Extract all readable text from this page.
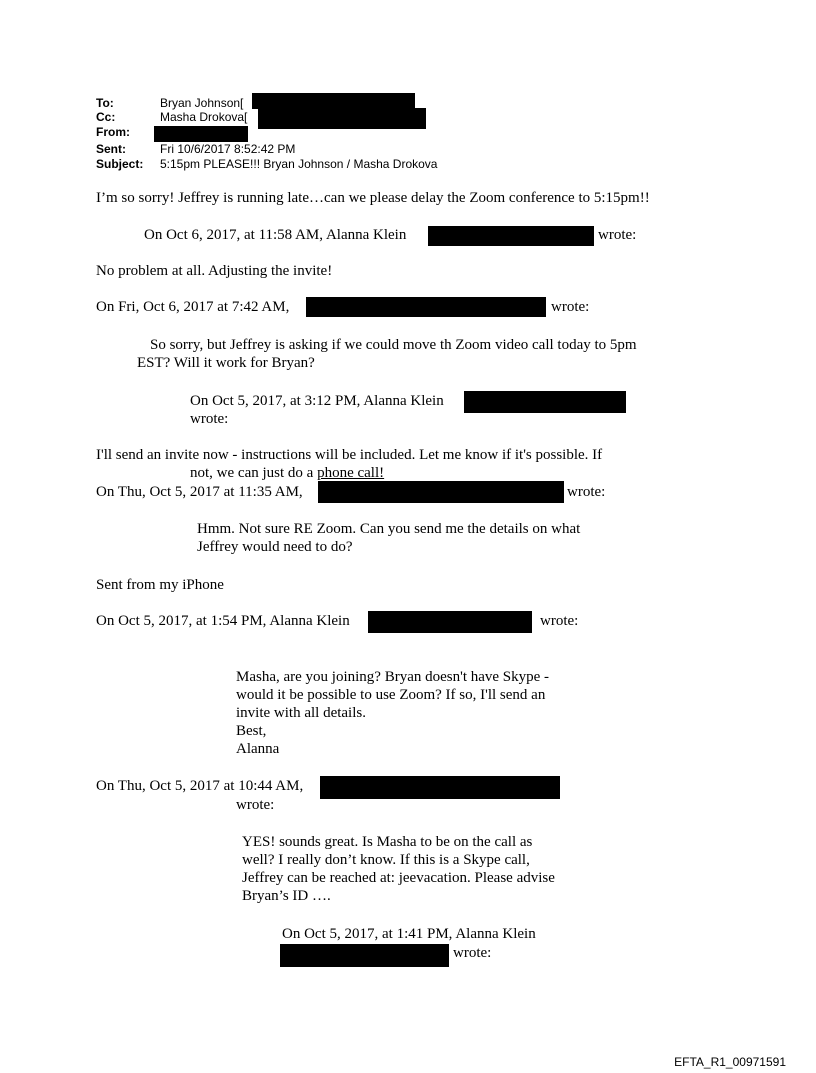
To:	Bryan Johnson[
Cc:	Masha Drokova[
From:
Sent:	Fri 10/6/2017 8:52:42 PM
Subject: 5:15pm PLEASE!!! Bryan Johnson / Masha Drokova
I’m so sorry! Jeffrey is running late…can we please delay the Zoom conference to 5:15pm!!
On Oct 6, 2017, at 11:58 AM, Alanna Klein	wrote:
No problem at all. Adjusting the invite!
On Fri, Oct 6, 2017 at 7:42 AM,	wrote:
So sorry, but Jeffrey is asking if we could move th Zoom video call today to 5pm
EST? Will it work for Bryan?
On Oct 5, 2017, at 3:12 PM, Alanna Klein
wrote:
I'll send an invite now - instructions will be included. Let me know if it's possible. If
not, we can just do a phone call!
On Thu, Oct 5, 2017 at 11:35 AM,	wrote:
Hmm. Not sure RE Zoom. Can you send me the details on what
Jeffrey would need to do?
Sent from my iPhone
On Oct 5, 2017, at 1:54 PM, Alanna Klein	wrote:
Masha, are you joining? Bryan doesn't have Skype -
would it be possible to use Zoom? If so, I'll send an
invite with all details.
Best,
Alanna
On Thu, Oct 5, 2017 at 10:44 AM,
wrote:
YES! sounds great. Is Masha to be on the call as
well? I really don’t know. If this is a Skype call,
Jeffrey can be reached at: jeevacation. Please advise
Bryan’s ID ….
On Oct 5, 2017, at 1:41 PM, Alanna Klein
wrote:
EFTA_R1_00971591
